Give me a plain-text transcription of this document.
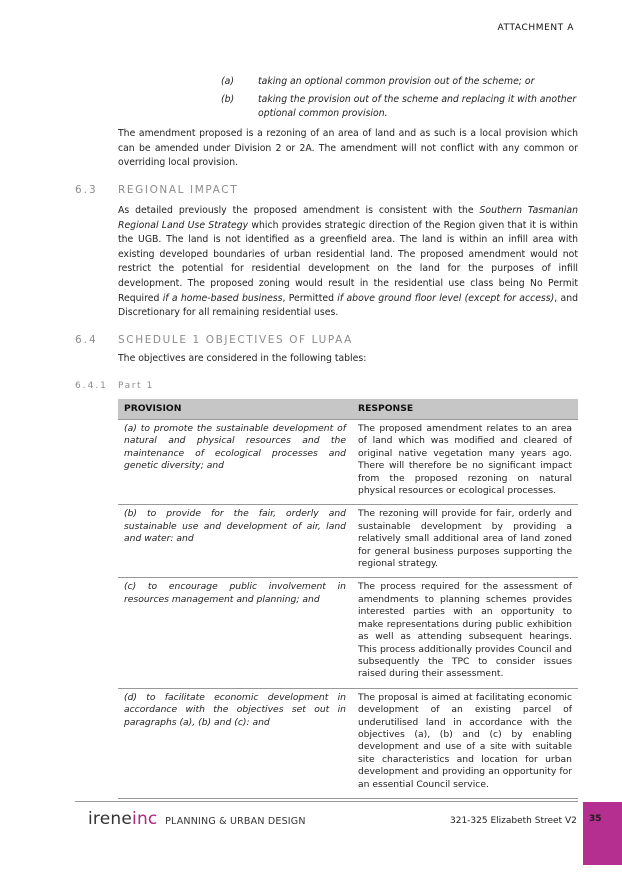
ATTACHMENT A
(a)	taking an optional common provision out of the scheme; or
(b)	taking the provision out of the scheme and replacing it with another optional common provision.
The amendment proposed is a rezoning of an area of land and as such is a local provision which can be amended under Division 2 or 2A. The amendment will not conflict with any common or overriding local provision.
6.3 REGIONAL IMPACT
As detailed previously the proposed amendment is consistent with the Southern Tasmanian Regional Land Use Strategy which provides strategic direction of the Region given that it is within the UGB. The land is not identified as a greenfield area. The land is within an infill area with existing developed boundaries of urban residential land. The proposed amendment would not restrict the potential for residential development on the land for the purposes of infill development. The proposed zoning would result in the residential use class being No Permit Required if a home-based business, Permitted if above ground floor level (except for access), and Discretionary for all remaining residential uses.
6.4 SCHEDULE 1 OBJECTIVES OF LUPAA
The objectives are considered in the following tables:
6.4.1 Part 1
PROVISION	RESPONSE
(a) to promote the sustainable development of natural and physical resources and the maintenance of ecological processes and genetic diversity; and	The proposed amendment relates to an area of land which was modified and cleared of original native vegetation many years ago. There will therefore be no significant impact from the proposed rezoning on natural physical resources or ecological processes.
(b) to provide for the fair, orderly and sustainable use and development of air, land and water: and	The rezoning will provide for fair, orderly and sustainable development by providing a relatively small additional area of land zoned for general business purposes supporting the regional strategy.
(c) to encourage public involvement in resources management and planning; and	The process required for the assessment of amendments to planning schemes provides interested parties with an opportunity to make representations during public exhibition as well as attending subsequent hearings. This process additionally provides Council and subsequently the TPC to consider issues raised during their assessment.
(d) to facilitate economic development in accordance with the objectives set out in paragraphs (a), (b) and (c): and	The proposal is aimed at facilitating economic development of an existing parcel of underutilised land in accordance with the objectives (a), (b) and (c) by enabling development and use of a site with suitable site characteristics and location for urban development and providing an opportunity for an essential Council service.

ireneinc PLANNING & URBAN DESIGN	321-325 Elizabeth Street V2 35
